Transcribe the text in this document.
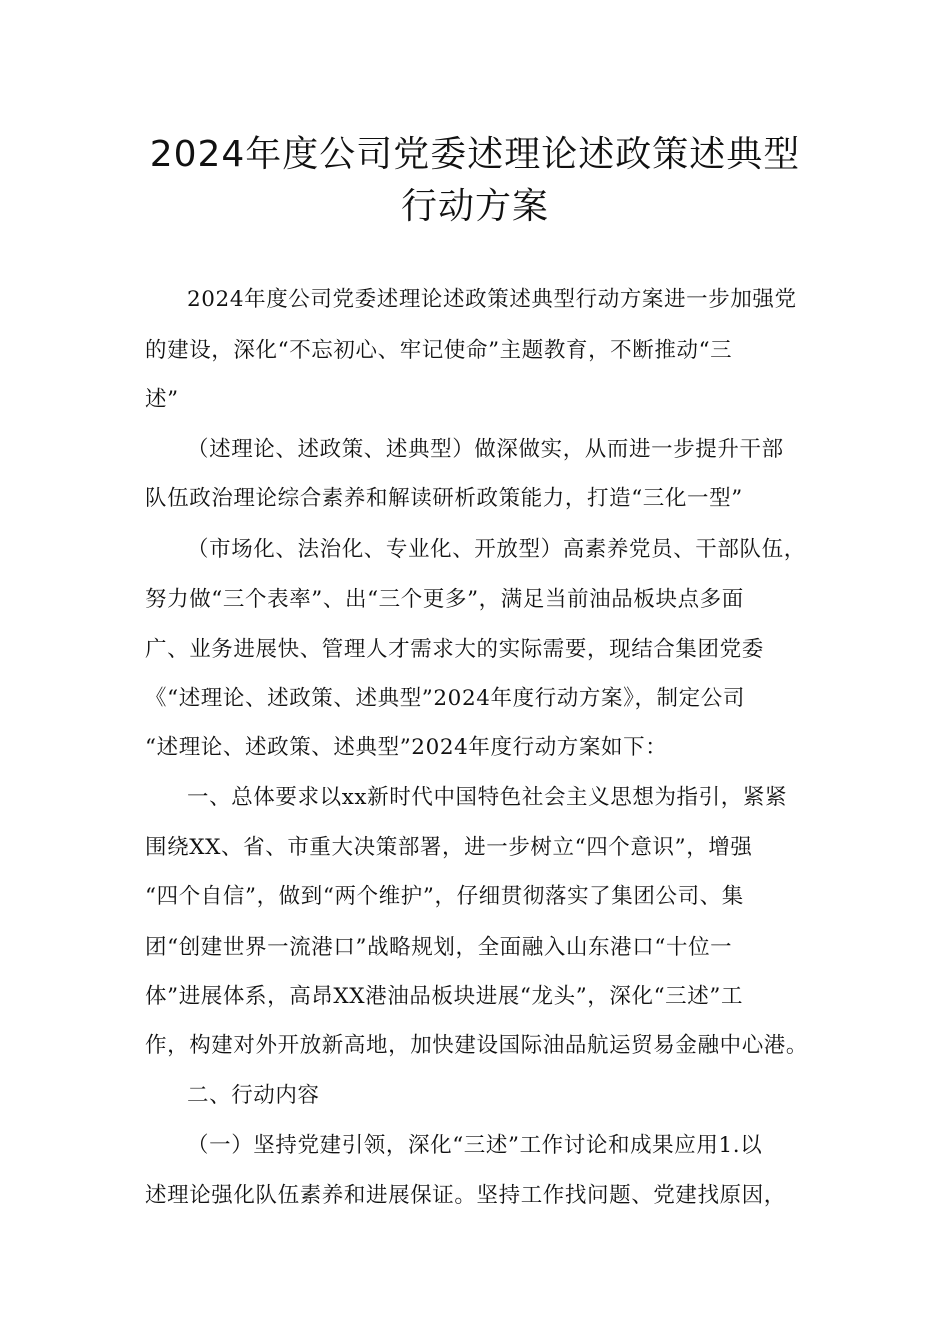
2024年度公司党委述理论述政策述典型
行动方案

2024年度公司党委述理论述政策述典型行动方案进一步加强党

的建设，深化“不忘初心、牢记使命”主题教育，不断推动“三

述”

（述理论、述政策、述典型）做深做实，从而进一步提升干部

队伍政治理论综合素养和解读研析政策能力，打造“三化一型”

（市场化、法治化、专业化、开放型）高素养党员、干部队伍，

努力做“三个表率”、出“三个更多”，满足当前油品板块点多面

广、业务进展快、管理人才需求大的实际需要，现结合集团党委

《“述理论、述政策、述典型”2024年度行动方案》，制定公司

“述理论、述政策、述典型”2024年度行动方案如下：

一、总体要求以xx新时代中国特色社会主义思想为指引，紧紧

围绕XX、省、市重大决策部署，进一步树立“四个意识”，增强

“四个自信”，做到“两个维护”，仔细贯彻落实了集团公司、集

团“创建世界一流港口”战略规划，全面融入山东港口“十位一

体”进展体系，高昂XX港油品板块进展“龙头”，深化“三述”工

作，构建对外开放新高地，加快建设国际油品航运贸易金融中心港。

二、行动内容

（一）坚持党建引领，深化“三述”工作讨论和成果应用1.以

述理论强化队伍素养和进展保证。坚持工作找问题、党建找原因，
